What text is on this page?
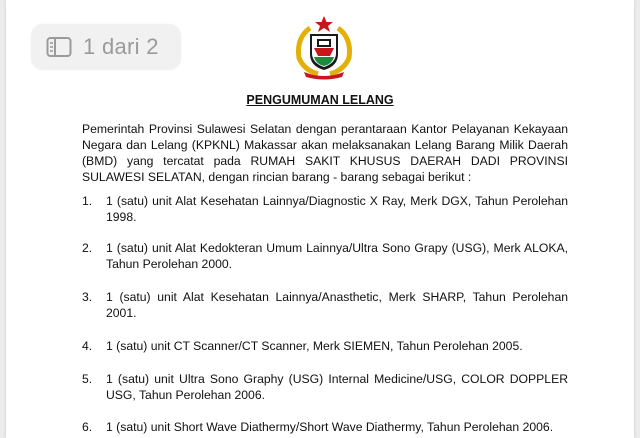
PENGUMUMAN LELANG
Pemerintah Provinsi Sulawesi Selatan dengan perantaraan Kantor Pelayanan Kekayaan Negara dan Lelang (KPKNL) Makassar akan melaksanakan Lelang Barang Milik Daerah (BMD) yang tercatat pada RUMAH SAKIT KHUSUS DAERAH DADI PROVINSI SULAWESI SELATAN, dengan rincian barang - barang sebagai berikut :
1.	1 (satu) unit Alat Kesehatan Lainnya/Diagnostic X Ray, Merk DGX, Tahun Perolehan 1998.
2.	1 (satu) unit Alat Kedokteran Umum Lainnya/Ultra Sono Grapy (USG), Merk ALOKA, Tahun Perolehan 2000.
3.	1 (satu) unit Alat Kesehatan Lainnya/Anasthetic, Merk SHARP, Tahun Perolehan 2001.
4.	1 (satu) unit CT Scanner/CT Scanner, Merk SIEMEN, Tahun Perolehan 2005.
5.	1 (satu) unit Ultra Sono Graphy (USG) Internal Medicine/USG, COLOR DOPPLER USG, Tahun Perolehan 2006.
6.	1 (satu) unit Short Wave Diathermy/Short Wave Diathermy, Tahun Perolehan 2006.
1 dari 2
